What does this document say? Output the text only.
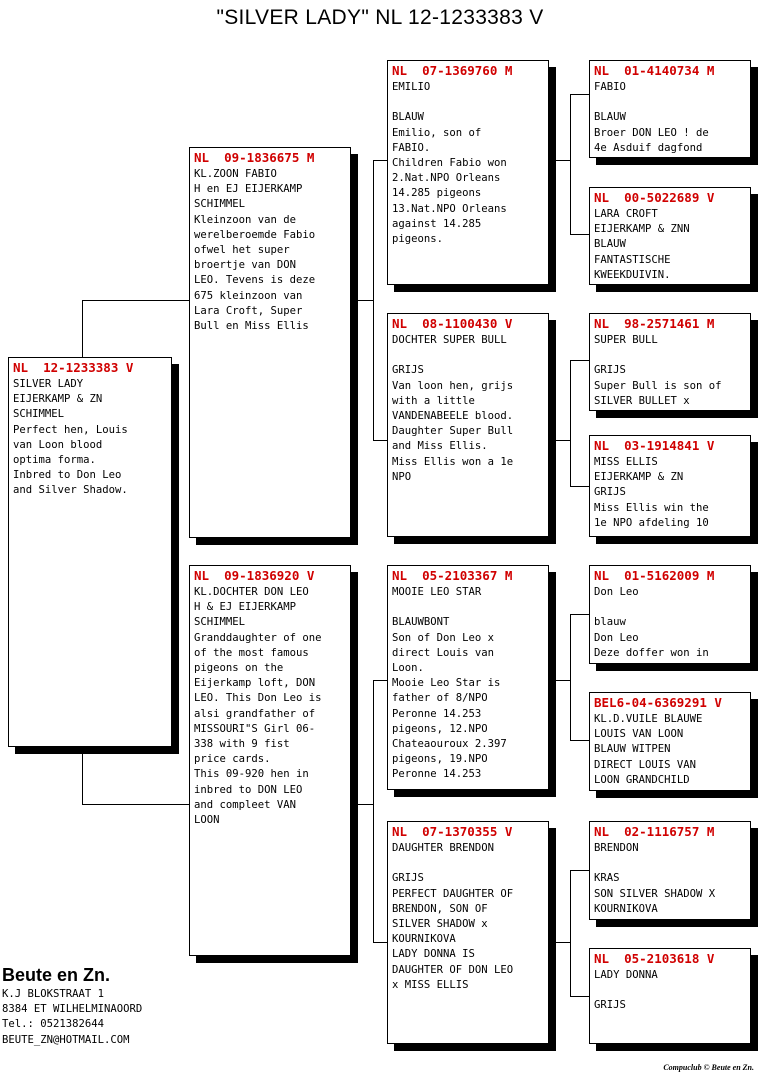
"SILVER LADY" NL 12-1233383 V
NL  12-1233383 V
SILVER LADY
EIJERKAMP & ZN
SCHIMMEL
Perfect hen, Louis
van Loon blood
optima forma.
Inbred to Don Leo
and Silver Shadow.
NL  09-1836675 M
KL.ZOON FABIO
H en EJ EIJERKAMP
SCHIMMEL
Kleinzoon van de
werelberoemde Fabio
ofwel het super
broertje van DON
LEO. Tevens is deze
675 kleinzoon van
Lara Croft, Super
Bull en Miss Ellis
NL  09-1836920 V
KL.DOCHTER DON LEO
H & EJ EIJERKAMP
SCHIMMEL
Granddaughter of one
of the most famous
pigeons on the
Eijerkamp loft, DON
LEO. This Don Leo is
alsi grandfather of
MISSOURI"S Girl 06-
338 with 9 fist
price cards.
This 09-920 hen in
inbred to DON LEO
and compleet VAN
LOON
NL  07-1369760 M
EMILIO

BLAUW
Emilio, son of
FABIO.
Children Fabio won
2.Nat.NPO Orleans
14.285 pigeons
13.Nat.NPO Orleans
against 14.285
pigeons.
NL  08-1100430 V
DOCHTER SUPER BULL

GRIJS
Van loon hen, grijs
with a little
VANDENABEELE blood.
Daughter Super Bull
and Miss Ellis.
Miss Ellis won a 1e
NPO
NL  05-2103367 M
MOOIE LEO STAR

BLAUWBONT
Son of Don Leo x
direct Louis van
Loon.
Mooie Leo Star is
father of 8/NPO
Peronne 14.253
pigeons, 12.NPO
Chateaouroux 2.397
pigeons, 19.NPO
Peronne 14.253
NL  07-1370355 V
DAUGHTER BRENDON

GRIJS
PERFECT DAUGHTER OF
BRENDON, SON OF
SILVER SHADOW x
KOURNIKOVA
LADY DONNA IS
DAUGHTER OF DON LEO
x MISS ELLIS
NL  01-4140734 M
FABIO

BLAUW
Broer DON LEO ! de
4e Asduif dagfond
NL  00-5022689 V
LARA CROFT
EIJERKAMP & ZNN
BLAUW
FANTASTISCHE
KWEEKDUIVIN.
NL  98-2571461 M
SUPER BULL

GRIJS
Super Bull is son of
SILVER BULLET x
NL  03-1914841 V
MISS ELLIS
EIJERKAMP & ZN
GRIJS
Miss Ellis win the
1e NPO afdeling 10
NL  01-5162009 M
Don Leo

blauw
Don Leo
Deze doffer won in
BEL6-04-6369291 V
KL.D.VUILE BLAUWE
LOUIS VAN LOON
BLAUW WITPEN
DIRECT LOUIS VAN
LOON GRANDCHILD
NL  02-1116757 M
BRENDON

KRAS
SON SILVER SHADOW X
KOURNIKOVA
NL  05-2103618 V
LADY DONNA

GRIJS
Beute en Zn.
K.J BLOKSTRAAT 1
8384 ET WILHELMINAOORD
Tel.: 0521382644
BEUTE_ZN@HOTMAIL.COM
Compuclub © Beute en Zn.
